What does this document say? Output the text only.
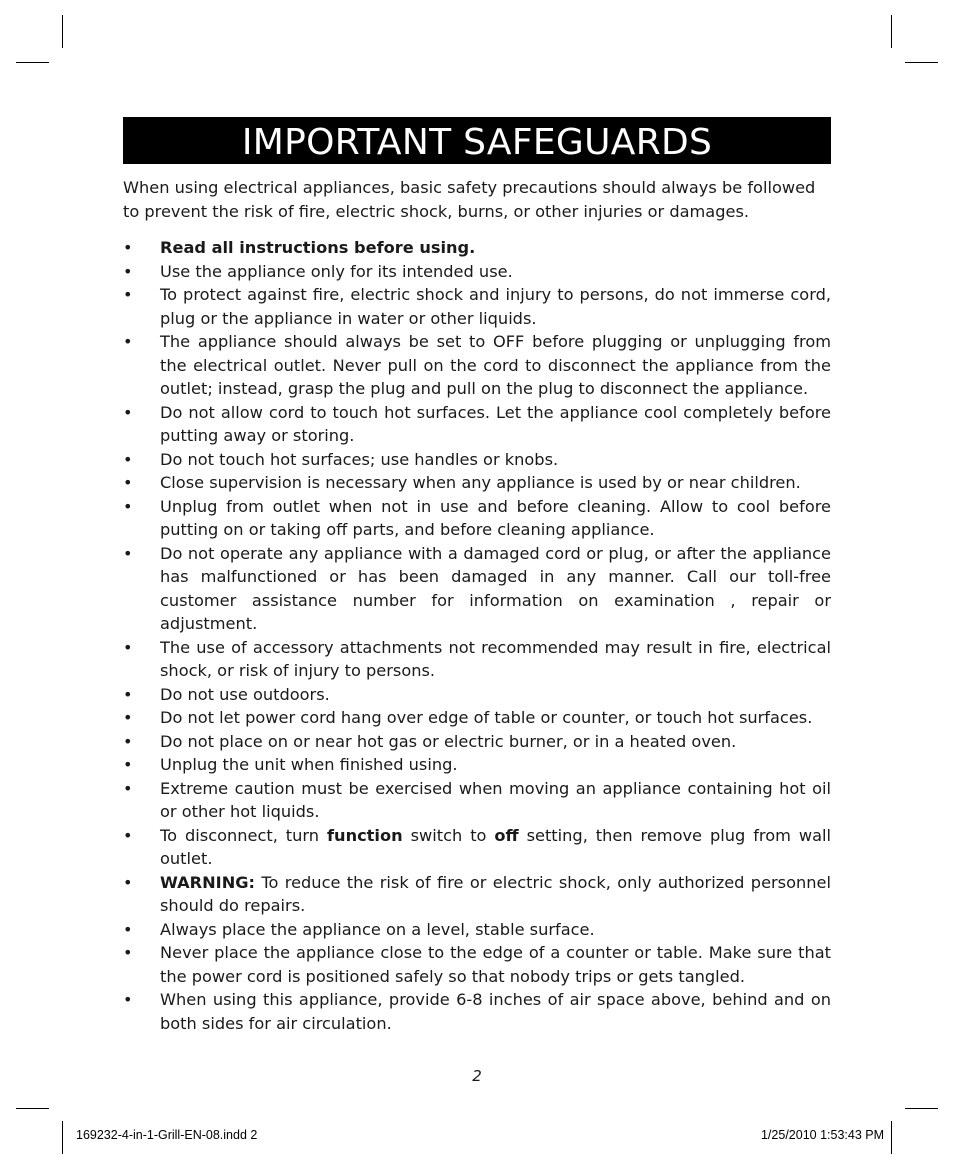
IMPORTANT SAFEGUARDS

When using electrical appliances, basic safety precautions should always be followed to prevent the risk of fire, electric shock, burns, or other injuries or damages.

• Read all instructions before using.
• Use the appliance only for its intended use.
• To protect against fire, electric shock and injury to persons, do not immerse cord, plug or the appliance in water or other liquids.
• The appliance should always be set to OFF before plugging or unplugging from the electrical outlet. Never pull on the cord to disconnect the appliance from the outlet; instead, grasp the plug and pull on the plug to disconnect the appliance.
• Do not allow cord to touch hot surfaces. Let the appliance cool completely before putting away or storing.
• Do not touch hot surfaces; use handles or knobs.
• Close supervision is necessary when any appliance is used by or near children.
• Unplug from outlet when not in use and before cleaning. Allow to cool before putting on or taking off parts, and before cleaning appliance.
• Do not operate any appliance with a damaged cord or plug, or after the appliance has malfunctioned or has been damaged in any manner. Call our toll-free customer assistance number for information on examination , repair or adjustment.
• The use of accessory attachments not recommended may result in fire, electrical shock, or risk of injury to persons.
• Do not use outdoors.
• Do not let power cord hang over edge of table or counter, or touch hot surfaces.
• Do not place on or near hot gas or electric burner, or in a heated oven.
• Unplug the unit when finished using.
• Extreme caution must be exercised when moving an appliance containing hot oil or other hot liquids.
• To disconnect, turn function switch to off setting, then remove plug from wall outlet.
• WARNING: To reduce the risk of fire or electric shock, only authorized personnel should do repairs.
• Always place the appliance on a level, stable surface.
• Never place the appliance close to the edge of a counter or table. Make sure that the power cord is positioned safely so that nobody trips or gets tangled.
• When using this appliance, provide 6-8 inches of air space above, behind and on both sides for air circulation.
2
169232-4-in-1-Grill-EN-08.indd 2	1/25/2010 1:53:43 PM
